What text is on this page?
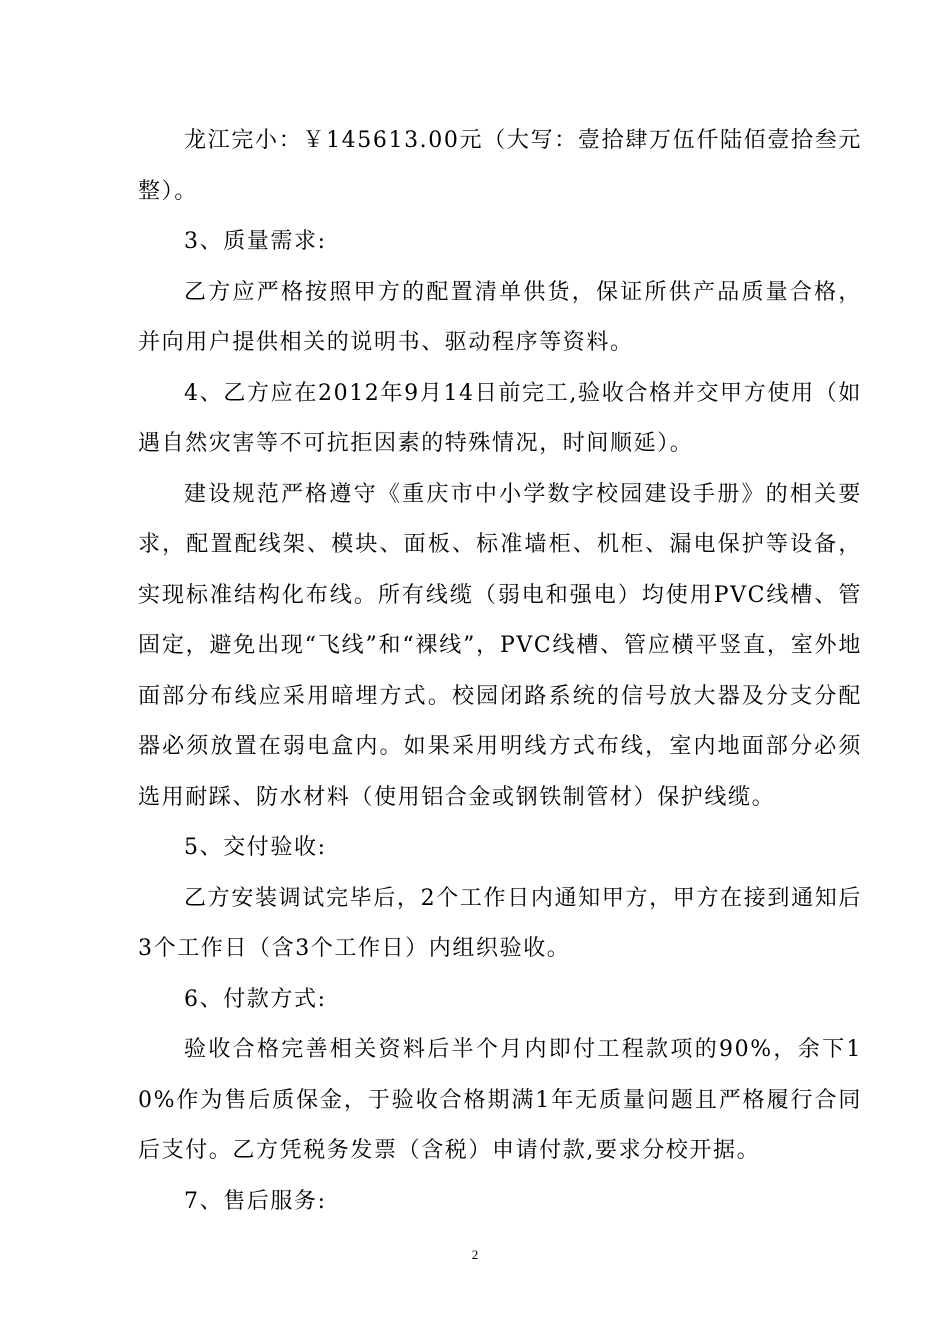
龙江完小：￥145613.00元（大写：壹拾肆万伍仟陆佰壹拾叁元整）。

3、质量需求:

乙方应严格按照甲方的配置清单供货，保证所供产品质量合格，并向用户提供相关的说明书、驱动程序等资料。

4、乙方应在2012年9月14日前完工,验收合格并交甲方使用（如遇自然灾害等不可抗拒因素的特殊情况，时间顺延）。

建设规范严格遵守《重庆市中小学数字校园建设手册》的相关要求，配置配线架、模块、面板、标准墙柜、机柜、漏电保护等设备，实现标准结构化布线。所有线缆（弱电和强电）均使用PVC线槽、管固定，避免出现“飞线”和“裸线”，PVC线槽、管应横平竖直，室外地面部分布线应采用暗埋方式。校园闭路系统的信号放大器及分支分配器必须放置在弱电盒内。如果采用明线方式布线，室内地面部分必须选用耐踩、防水材料（使用铝合金或钢铁制管材）保护线缆。

5、交付验收:

乙方安装调试完毕后，2个工作日内通知甲方，甲方在接到通知后3个工作日（含3个工作日）内组织验收。

6、付款方式:

验收合格完善相关资料后半个月内即付工程款项的90%，余下10%作为售后质保金，于验收合格期满1年无质量问题且严格履行合同后支付。乙方凭税务发票（含税）申请付款,要求分校开据。

7、售后服务:

2
